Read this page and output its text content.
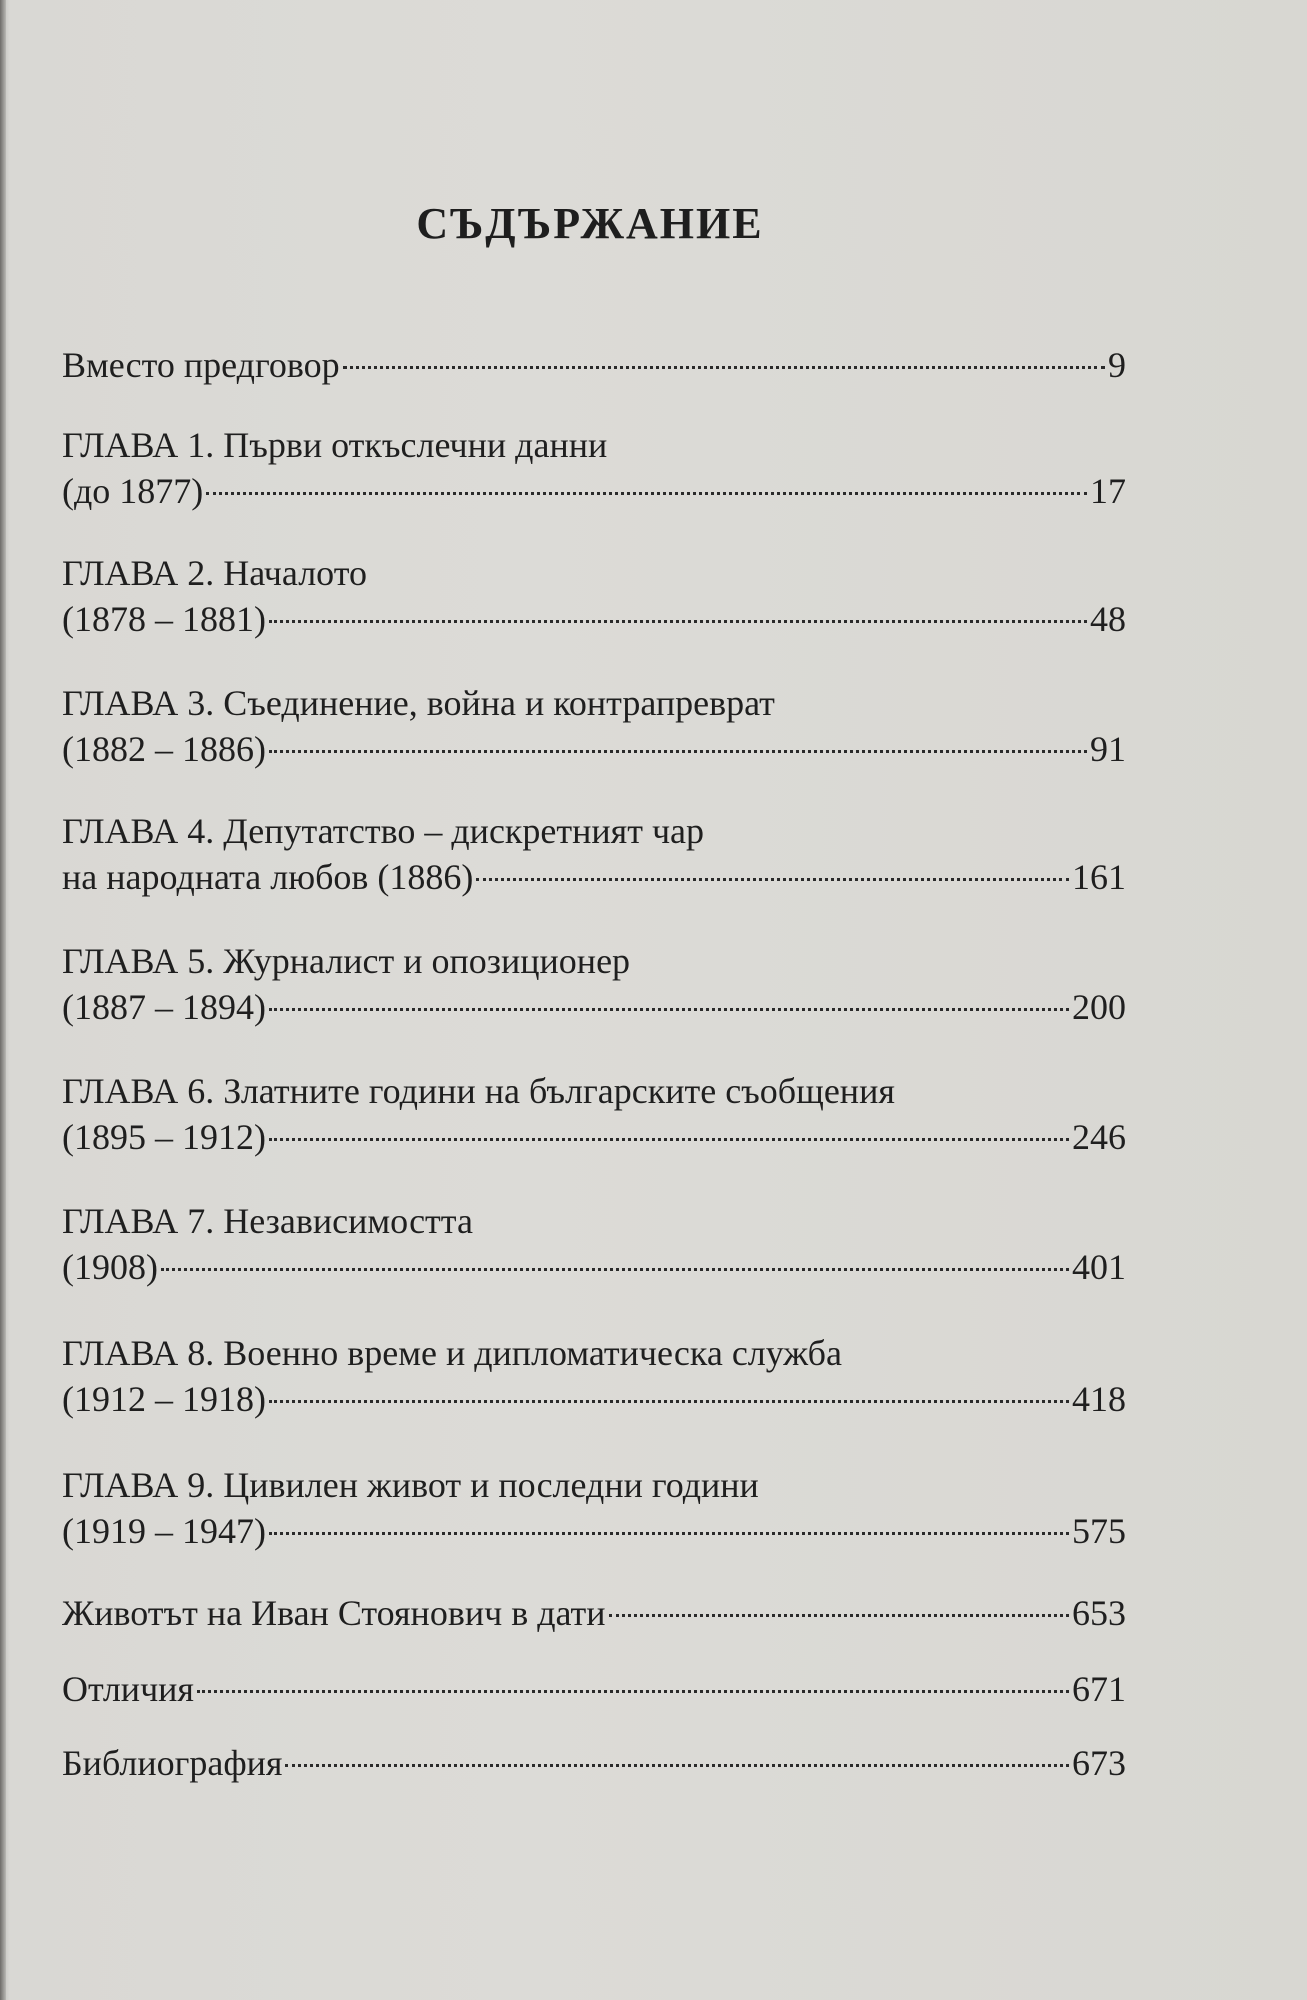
СЪДЪРЖАНИЕ
Вместо предговор	9
ГЛАВА 1. Първи откъслечни данни
(до 1877)	17
ГЛАВА 2. Началото
(1878 – 1881)	48
ГЛАВА 3. Съединение, война и контрапреврат
(1882 – 1886)	91
ГЛАВА 4. Депутатство – дискретният чар
на народната любов (1886)	161
ГЛАВА 5. Журналист и опозиционер
(1887 – 1894)	200
ГЛАВА 6. Златните години на българските съобщения
(1895 – 1912)	246
ГЛАВА 7. Независимостта
(1908)	401
ГЛАВА 8. Военно време и дипломатическа служба
(1912 – 1918)	418
ГЛАВА 9. Цивилен живот и последни години
(1919 – 1947)	575
Животът на Иван Стоянович в дати	653
Отличия	671
Библиография	673
